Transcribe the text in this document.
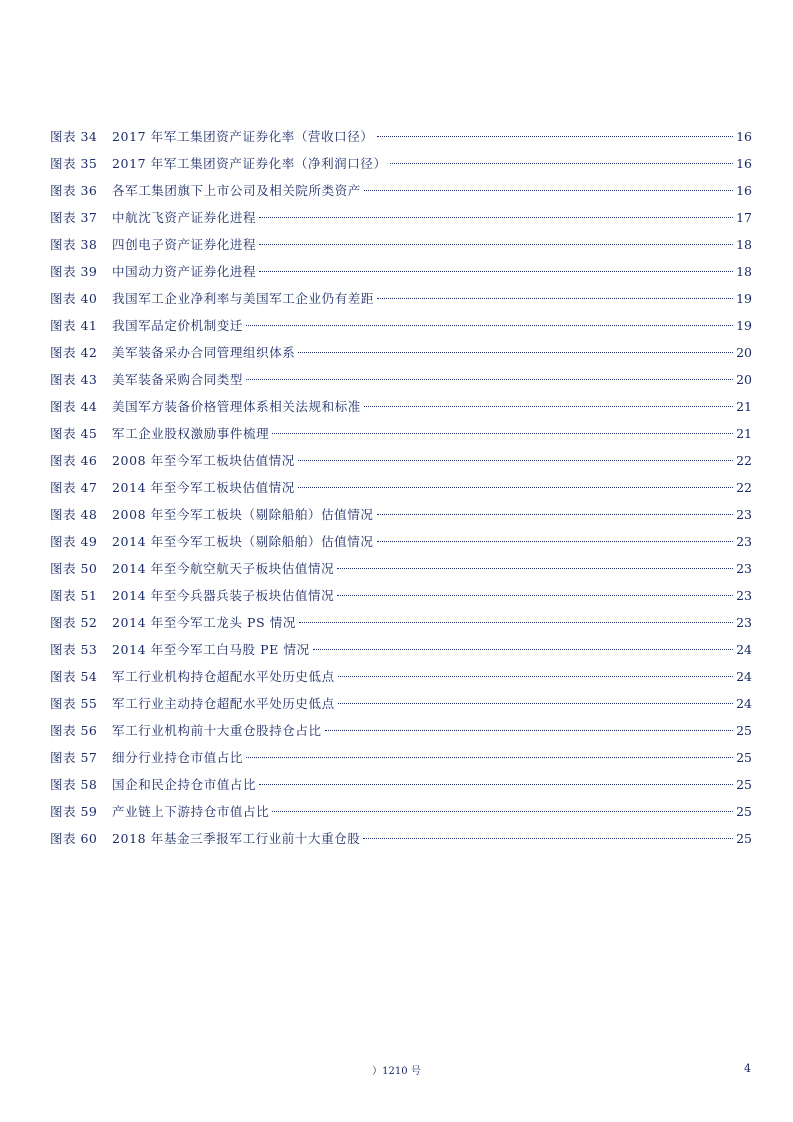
图表 34	2017 年军工集团资产证券化率（营收口径）	16
图表 35	2017 年军工集团资产证券化率（净利润口径）	16
图表 36	各军工集团旗下上市公司及相关院所类资产	16
图表 37	中航沈飞资产证券化进程	17
图表 38	四创电子资产证券化进程	18
图表 39	中国动力资产证券化进程	18
图表 40	我国军工企业净利率与美国军工企业仍有差距	19
图表 41	我国军品定价机制变迁	19
图表 42	美军装备采办合同管理组织体系	20
图表 43	美军装备采购合同类型	20
图表 44	美国军方装备价格管理体系相关法规和标准	21
图表 45	军工企业股权激励事件梳理	21
图表 46	2008 年至今军工板块估值情况	22
图表 47	2014 年至今军工板块估值情况	22
图表 48	2008 年至今军工板块（剔除船舶）估值情况	23
图表 49	2014 年至今军工板块（剔除船舶）估值情况	23
图表 50	2014 年至今航空航天子板块估值情况	23
图表 51	2014 年至今兵器兵装子板块估值情况	23
图表 52	2014 年至今军工龙头 PS 情况	23
图表 53	2014 年至今军工白马股 PE 情况	24
图表 54	军工行业机构持仓超配水平处历史低点	24
图表 55	军工行业主动持仓超配水平处历史低点	24
图表 56	军工行业机构前十大重仓股持仓占比	25
图表 57	细分行业持仓市值占比	25
图表 58	国企和民企持仓市值占比	25
图表 59	产业链上下游持仓市值占比	25
图表 60	2018 年基金三季报军工行业前十大重仓股	25
）1210 号	4
